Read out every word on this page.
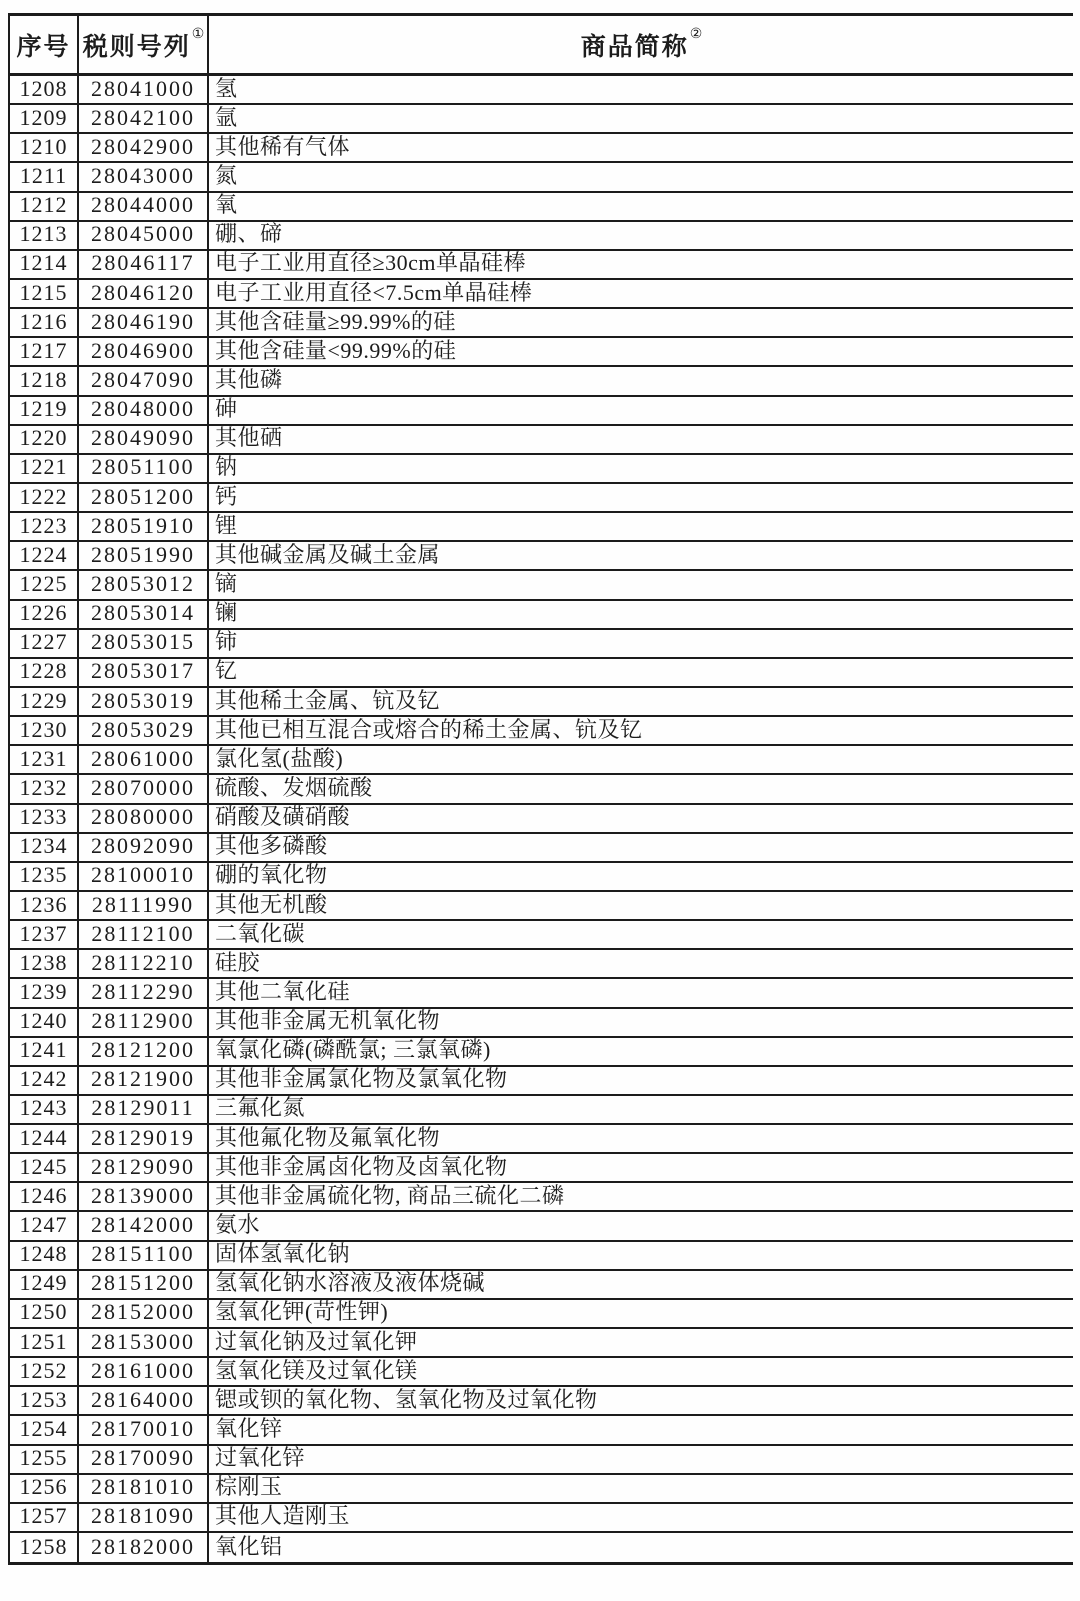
序号 税则号列 ①	商品简称 ②
1208	28041000 氢
1209	28042100 氩
1210	28042900 其他稀有气体
1211	28043000 氮
1212	28044000 氧
1213	28045000 硼、碲
1214	28046117 电子工业用直径≥30cm单晶硅棒
1215	28046120 电子工业用直径<7.5cm单晶硅棒
1216	28046190 其他含硅量≥99.99%的硅
1217	28046900 其他含硅量<99.99%的硅
1218	28047090 其他磷
1219	28048000 砷
1220	28049090 其他硒
1221	28051100 钠
1222	28051200 钙
1223	28051910 锂
1224	28051990 其他碱金属及碱土金属
1225	28053012 镝
1226	28053014 镧
1227	28053015 铈
1228	28053017 钇
1229	28053019 其他稀土金属、钪及钇
1230	28053029 其他已相互混合或熔合的稀土金属、钪及钇
1231	28061000 氯化氢(盐酸)
1232	28070000 硫酸、发烟硫酸
1233	28080000 硝酸及磺硝酸
1234	28092090 其他多磷酸
1235	28100010 硼的氧化物
1236	28111990 其他无机酸
1237	28112100 二氧化碳
1238	28112210 硅胶
1239	28112290 其他二氧化硅
1240	28112900 其他非金属无机氧化物
1241	28121200 氧氯化磷(磷酰氯; 三氯氧磷)
1242	28121900 其他非金属氯化物及氯氧化物
1243	28129011 三氟化氮
1244	28129019 其他氟化物及氟氧化物
1245	28129090 其他非金属卤化物及卤氧化物
1246	28139000 其他非金属硫化物, 商品三硫化二磷
1247	28142000 氨水
1248	28151100 固体氢氧化钠
1249	28151200 氢氧化钠水溶液及液体烧碱
1250	28152000 氢氧化钾(苛性钾)
1251	28153000 过氧化钠及过氧化钾
1252	28161000 氢氧化镁及过氧化镁
1253	28164000 锶或钡的氧化物、氢氧化物及过氧化物
1254	28170010 氧化锌
1255	28170090 过氧化锌
1256	28181010 棕刚玉
1257	28181090 其他人造刚玉
1258	28182000 氧化铝
